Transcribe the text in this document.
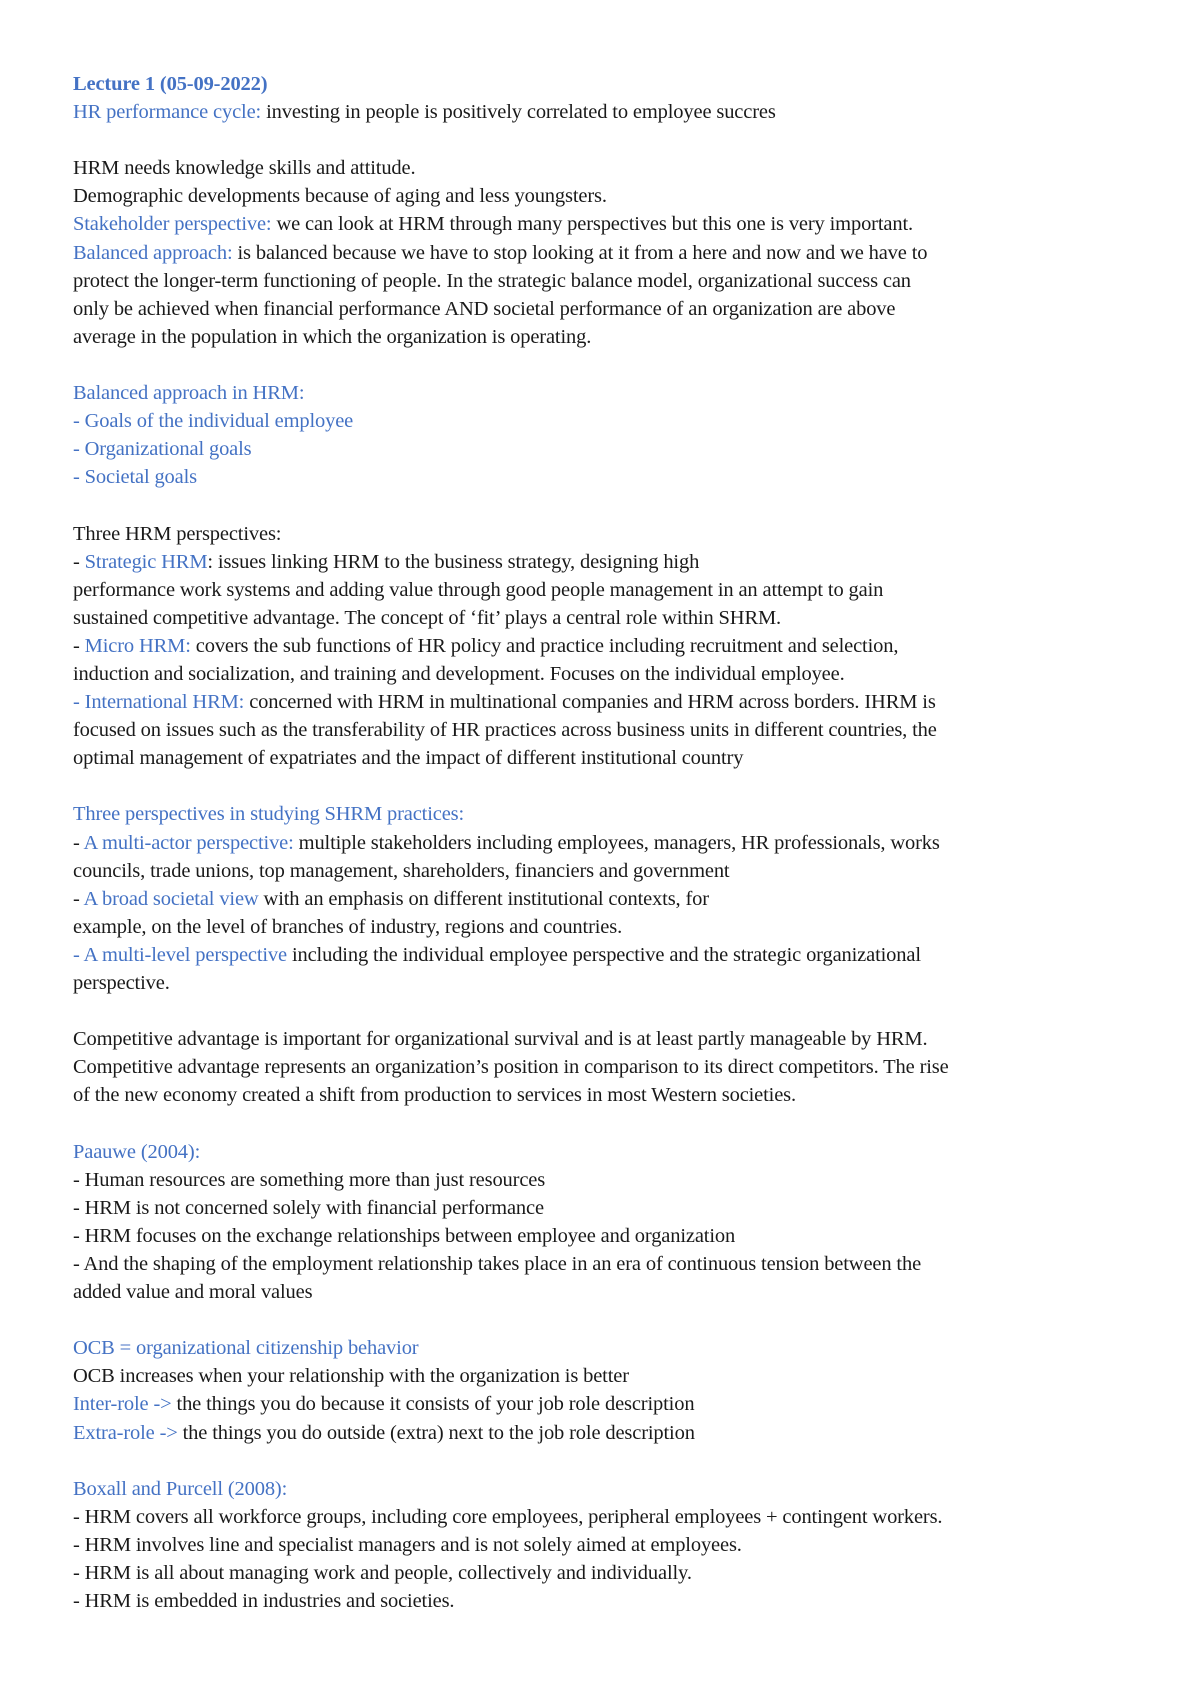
Lecture 1 (05-09-2022)
HR performance cycle: investing in people is positively correlated to employee succres
HRM needs knowledge skills and attitude.
Demographic developments because of aging and less youngsters.
Stakeholder perspective: we can look at HRM through many perspectives but this one is very important.
Balanced approach: is balanced because we have to stop looking at it from a here and now and we have to
protect the longer-term functioning of people. In the strategic balance model, organizational success can
only be achieved when financial performance AND societal performance of an organization are above
average in the population in which the organization is operating.
Balanced approach in HRM:
- Goals of the individual employee
- Organizational goals
- Societal goals
Three HRM perspectives:
- Strategic HRM: issues linking HRM to the business strategy, designing high
performance work systems and adding value through good people management in an attempt to gain
sustained competitive advantage. The concept of ‘fit’ plays a central role within SHRM.
- Micro HRM: covers the sub functions of HR policy and practice including recruitment and selection,
induction and socialization, and training and development. Focuses on the individual employee.
- International HRM: concerned with HRM in multinational companies and HRM across borders. IHRM is
focused on issues such as the transferability of HR practices across business units in different countries, the
optimal management of expatriates and the impact of different institutional country
Three perspectives in studying SHRM practices:
- A multi-actor perspective: multiple stakeholders including employees, managers, HR professionals, works
councils, trade unions, top management, shareholders, financiers and government
- A broad societal view with an emphasis on different institutional contexts, for
example, on the level of branches of industry, regions and countries.
- A multi-level perspective including the individual employee perspective and the strategic organizational
perspective.
Competitive advantage is important for organizational survival and is at least partly manageable by HRM.
Competitive advantage represents an organization’s position in comparison to its direct competitors. The rise
of the new economy created a shift from production to services in most Western societies.
Paauwe (2004):
- Human resources are something more than just resources
- HRM is not concerned solely with financial performance
- HRM focuses on the exchange relationships between employee and organization
- And the shaping of the employment relationship takes place in an era of continuous tension between the
added value and moral values
OCB = organizational citizenship behavior
OCB increases when your relationship with the organization is better
Inter-role -> the things you do because it consists of your job role description
Extra-role -> the things you do outside (extra) next to the job role description
Boxall and Purcell (2008):
- HRM covers all workforce groups, including core employees, peripheral employees + contingent workers.
- HRM involves line and specialist managers and is not solely aimed at employees.
- HRM is all about managing work and people, collectively and individually.
- HRM is embedded in industries and societies.
